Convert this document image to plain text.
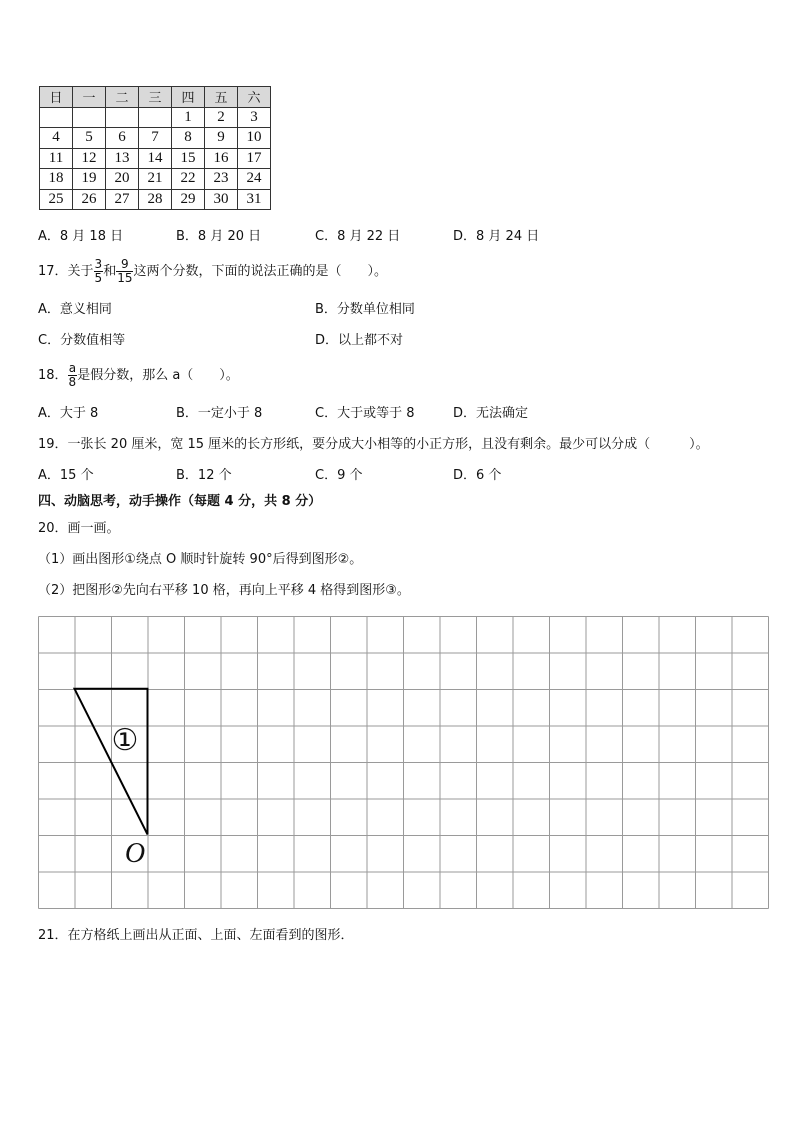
日	一	二	三	四	五	六
				1	2	3
4	5	6	7	8	9	10
11	12	13	14	15	16	17
18	19	20	21	22	23	24
25	26	27	28	29	30	31
A．8 月 18 日	B．8 月 20 日	C．8 月 22 日	D．8 月 24 日
17．关于 $\frac{3}{5}$ 和 $\frac{9}{15}$ 这两个分数，下面的说法正确的是（　　）。
A．意义相同	B．分数单位相同
C．分数值相等	D．以上都不对
18． $\frac{a}{8}$ 是假分数，那么 a（　　）。
A．大于 8	B．一定小于 8	C．大于或等于 8	D．无法确定
19．一张长 20 厘米，宽 15 厘米的长方形纸，要分成大小相等的小正方形，且没有剩余。最少可以分成（　　　）。
A．15 个	B．12 个	C．9 个	D．6 个
四、动脑思考，动手操作（每题 4 分，共 8 分）
20．画一画。
（1）画出图形①绕点 O 顺时针旋转 90°后得到图形②。
（2）把图形②先向右平移 10 格，再向上平移 4 格得到图形③。
①
O
21．在方格纸上画出从正面、上面、左面看到的图形．
